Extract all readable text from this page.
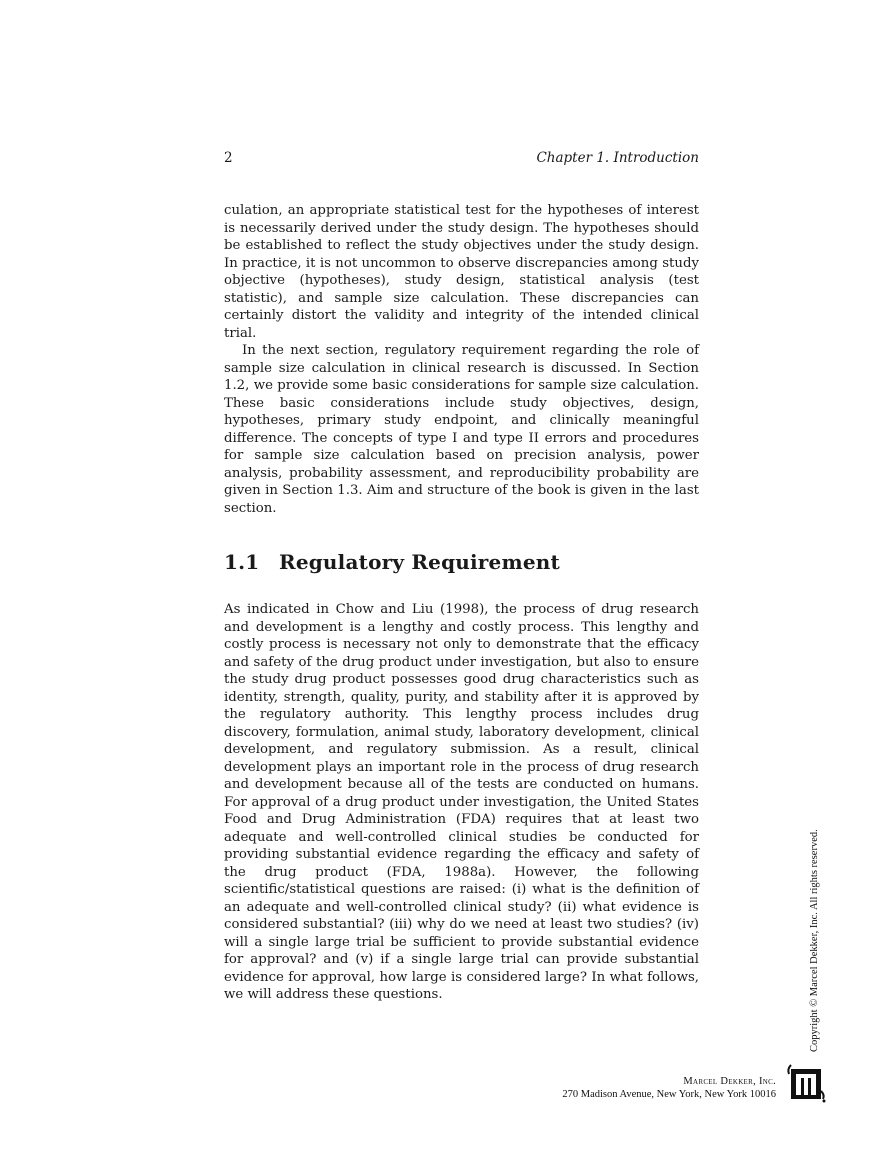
2	Chapter 1. Introduction

culation, an appropriate statistical test for the hypotheses of interest is necessarily derived under the study design. The hypotheses should be established to reflect the study objectives under the study design. In practice, it is not uncommon to observe discrepancies among study objective (hypotheses), study design, statistical analysis (test statistic), and sample size calculation. These discrepancies can certainly distort the validity and integrity of the intended clinical trial.

In the next section, regulatory requirement regarding the role of sample size calculation in clinical research is discussed. In Section 1.2, we provide some basic considerations for sample size calculation. These basic considerations include study objectives, design, hypotheses, primary study endpoint, and clinically meaningful difference. The concepts of type I and type II errors and procedures for sample size calculation based on precision analysis, power analysis, probability assessment, and reproducibility probability are given in Section 1.3. Aim and structure of the book is given in the last section.

1.1 Regulatory Requirement

As indicated in Chow and Liu (1998), the process of drug research and development is a lengthy and costly process. This lengthy and costly process is necessary not only to demonstrate that the efficacy and safety of the drug product under investigation, but also to ensure the study drug product possesses good drug characteristics such as identity, strength, quality, purity, and stability after it is approved by the regulatory authority. This lengthy process includes drug discovery, formulation, animal study, laboratory development, clinical development, and regulatory submission. As a result, clinical development plays an important role in the process of drug research and development because all of the tests are conducted on humans. For approval of a drug product under investigation, the United States Food and Drug Administration (FDA) requires that at least two adequate and well-controlled clinical studies be conducted for providing substantial evidence regarding the efficacy and safety of the drug product (FDA, 1988a). However, the following scientific/statistical questions are raised: (i) what is the definition of an adequate and well-controlled clinical study? (ii) what evidence is considered substantial? (iii) why do we need at least two studies? (iv) will a single large trial be sufficient to provide substantial evidence for approval? and (v) if a single large trial can provide substantial evidence for approval, how large is considered large? In what follows, we will address these questions.	Copyright © Marcel Dekker, Inc. All rights reserved.
Marcel Dekker, Inc.
270 Madison Avenue, New York, New York 10016
